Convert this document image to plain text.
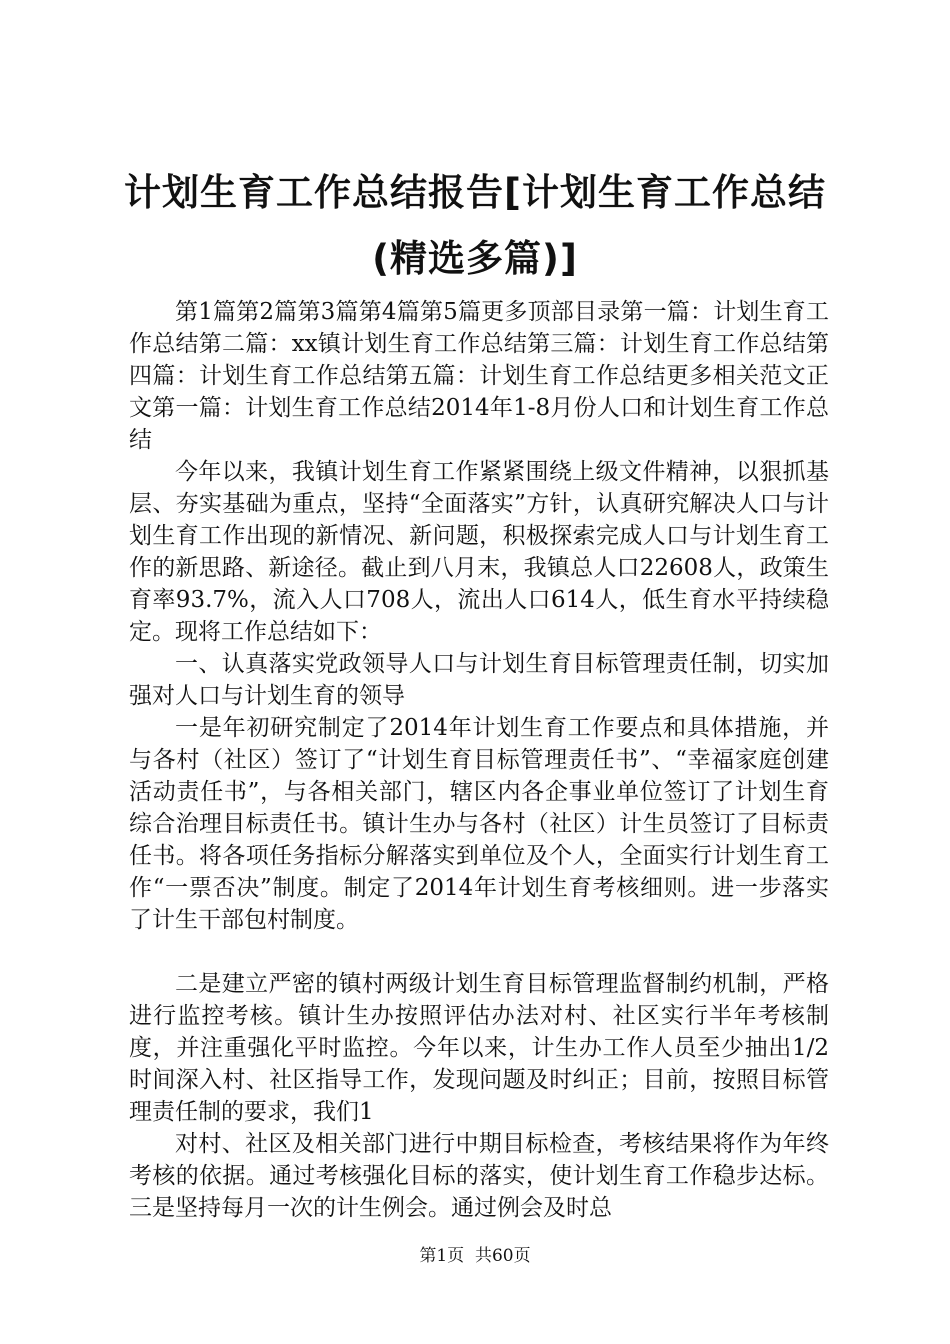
计划生育工作总结报告[计划生育工作总结(精选多篇)]

第1篇第2篇第3篇第4篇第5篇更多顶部目录第一篇：计划生育工作总结第二篇：xx镇计划生育工作总结第三篇：计划生育工作总结第四篇：计划生育工作总结第五篇：计划生育工作总结更多相关范文正文第一篇：计划生育工作总结2014年1-8月份人口和计划生育工作总结

今年以来，我镇计划生育工作紧紧围绕上级文件精神，以狠抓基层、夯实基础为重点，坚持“全面落实”方针，认真研究解决人口与计划生育工作出现的新情况、新问题，积极探索完成人口与计划生育工作的新思路、新途径。截止到八月末，我镇总人口22608人，政策生育率93.7%，流入人口708人，流出人口614人，低生育水平持续稳定。现将工作总结如下：

一、认真落实党政领导人口与计划生育目标管理责任制，切实加强对人口与计划生育的领导

一是年初研究制定了2014年计划生育工作要点和具体措施，并与各村（社区）签订了“计划生育目标管理责任书”、“幸福家庭创建活动责任书”，与各相关部门，辖区内各企事业单位签订了计划生育综合治理目标责任书。镇计生办与各村（社区）计生员签订了目标责任书。将各项任务指标分解落实到单位及个人，全面实行计划生育工作“一票否决”制度。制定了2014年计划生育考核细则。进一步落实了计生干部包村制度。

二是建立严密的镇村两级计划生育目标管理监督制约机制，严格进行监控考核。镇计生办按照评估办法对村、社区实行半年考核制度，并注重强化平时监控。今年以来，计生办工作人员至少抽出1/2时间深入村、社区指导工作，发现问题及时纠正；目前，按照目标管理责任制的要求，我们1

对村、社区及相关部门进行中期目标检查，考核结果将作为年终考核的依据。通过考核强化目标的落实，使计划生育工作稳步达标。三是坚持每月一次的计生例会。通过例会及时总

第1页  共60页
